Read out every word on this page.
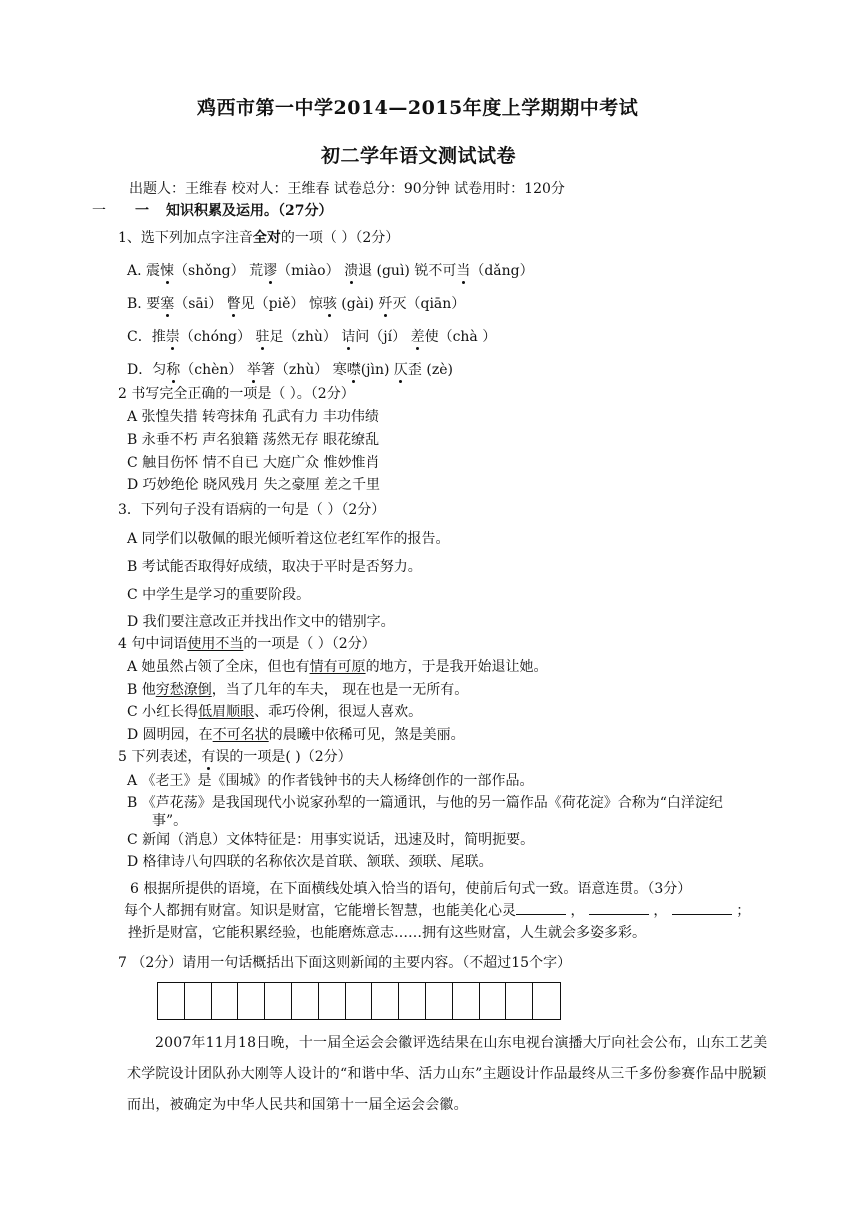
鸡西市第一中学2014—2015年度上学期期中考试
初二学年语文测试试卷
出题人：王维春 校对人：王维春 试卷总分：90分钟 试卷用时：120分
一 一 知识积累及运用。（27分）
1、选下列加点字注音全对的一项（ ）（2分）
A. 震悚（shǒng） 荒谬（miào） 溃退 (guì) 锐不可当（dǎng）
B. 要塞（sāi） 瞥见（piě） 惊骇 (gài) 歼灭（qiān）
C．推崇（chóng） 驻足（zhù） 诘问（jí） 差使（chà ）
D．匀称（chèn） 举箸（zhù） 寒噤(jìn) 仄歪 (zè)
2 书写完全正确的一项是（ ）。（2分）
A 张惶失措 转弯抹角 孔武有力 丰功伟绩
B 永垂不朽 声名狼籍 荡然无存 眼花缭乱
C 触目伤怀 情不自已 大庭广众 惟妙惟肖
D 巧妙绝伦 晓风残月 失之豪厘 差之千里
3．下列句子没有语病的一句是（ ）（2分）
A 同学们以敬佩的眼光倾听着这位老红军作的报告。
B 考试能否取得好成绩，取决于平时是否努力。
C 中学生是学习的重要阶段。
D 我们要注意改正并找出作文中的错别字。
4 句中词语使用不当的一项是（ ）（2分）
A 她虽然占领了全床，但也有情有可原的地方，于是我开始退让她。
B 他穷愁潦倒，当了几年的车夫， 现在也是一无所有。
C 小红长得低眉顺眼、乖巧伶俐，很逗人喜欢。
D 圆明园，在不可名状的晨曦中依稀可见，煞是美丽。
5 下列表述，有误的一项是( )（2分）
A 《老王》是《围城》的作者钱钟书的夫人杨绛创作的一部作品。
B 《芦花荡》是我国现代小说家孙犁的一篇通讯，与他的另一篇作品《荷花淀》合称为“白洋淀纪
事”。
C 新闻（消息）文体特征是：用事实说话，迅速及时，简明扼要。
D 格律诗八句四联的名称依次是首联、颔联、颈联、尾联。
6 根据所提供的语境，在下面横线处填入恰当的语句，使前后句式一致。语意连贯。（3分）
每个人都拥有财富。知识是财富，它能增长智慧，也能美化心灵	，	，	；
挫折是财富，它能积累经验，也能磨炼意志……拥有这些财富，人生就会多姿多彩。
7 （2分）请用一句话概括出下面这则新闻的主要内容。（不超过15个字）
2007年11月18日晚，十一届全运会会徽评选结果在山东电视台演播大厅向社会公布，山东工艺美术学院设计团队孙大刚等人设计的“和谐中华、活力山东”主题设计作品最终从三千多份参赛作品中脱颖而出，被确定为中华人民共和国第十一届全运会会徽。
